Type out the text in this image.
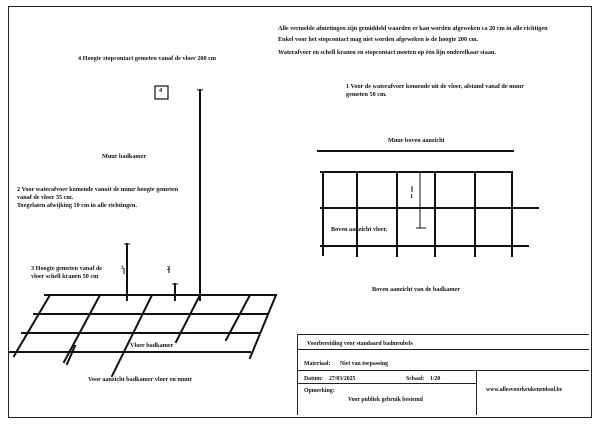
Alle vermelde afmetingen zijn gemiddeld waarden er kan worden afgeweken ca 20 cm in alle richtigen
Enkel voor het stopcontact mag niet worden afgeweken is de hoogte 200 cm.
Waterafvoer en schell kranen en stopcontact moeten op één lijn onderelkaar staan.
4 Hoogte stopcontact gemeten vanaf de vloer 200 cm
4
1 Voor de waterafvoer komende uit de vloer, afstand vanaf de muur
gemeten 50 cm.
Muur badkamer
2 Voor waterafvoer komende vanuit de muur hoogte gemeten
vanaf de vloer 35 cm.
Toegelaten afwijking 10 cm in alle richtingen.
3 Hoogte gemeten vanaf de
vloer schell kranen 50 cm
3	2
Muur boven aanzicht
1
Boven aanzicht vloer.
Boven aanzicht van de badkamer
Vloer badkamer
Voor aanzicht badkamer vloer en muur
Voorbereiding voor standaard badmeubels
Materiaal: Niet van toepassing
Datum: 27/03/2025	Schaal: 1/20
Opmerking:
Voor publiek gebruik bestemd
www.allesvoorkeukenenbad.be
